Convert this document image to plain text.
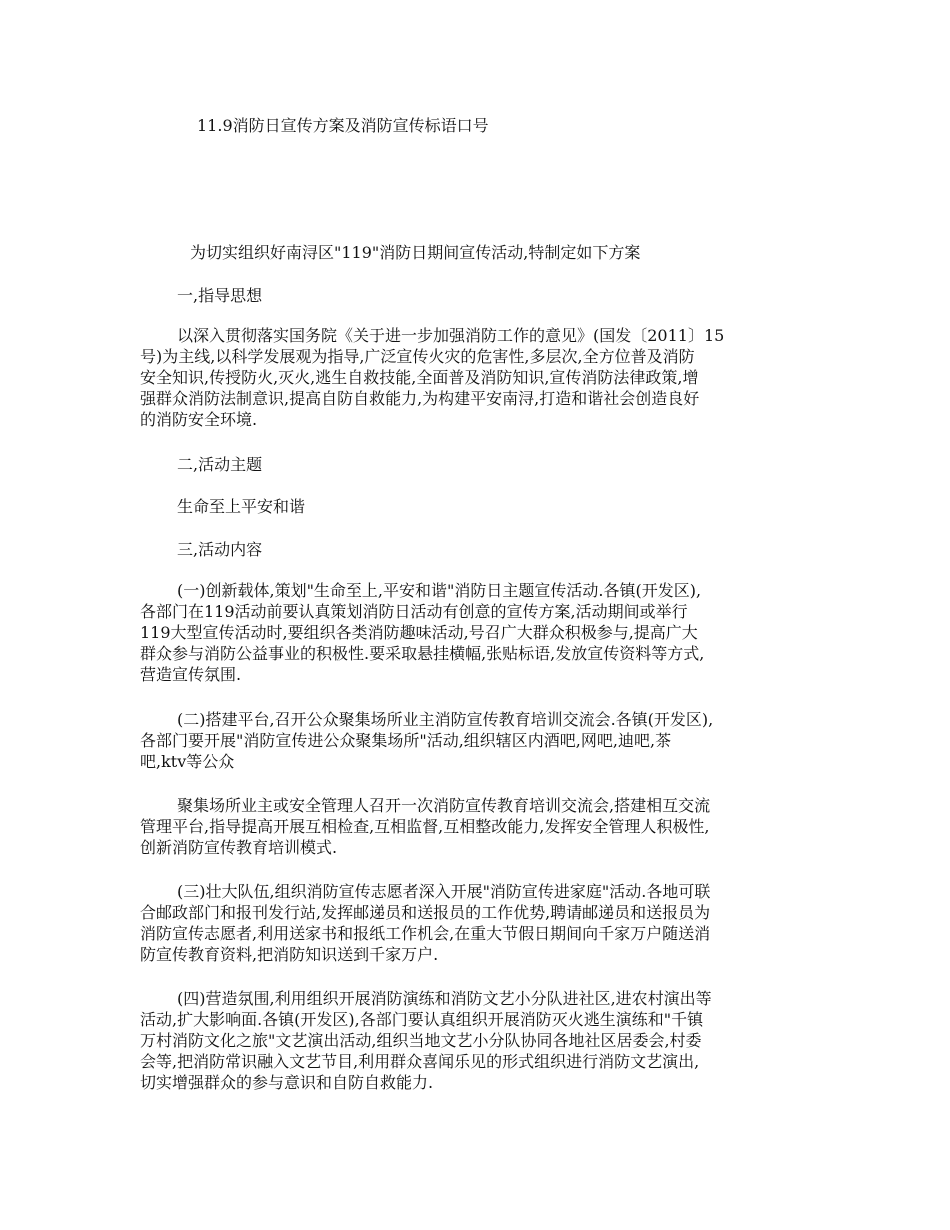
11.9消防日宣传方案及消防宣传标语口号
为切实组织好南浔区"119"消防日期间宣传活动,特制定如下方案
一,指导思想
以深入贯彻落实国务院《关于进一步加强消防工作的意见》(国发〔2011〕15
号)为主线,以科学发展观为指导,广泛宣传火灾的危害性,多层次,全方位普及消防
安全知识,传授防火,灭火,逃生自救技能,全面普及消防知识,宣传消防法律政策,增
强群众消防法制意识,提高自防自救能力,为构建平安南浔,打造和谐社会创造良好
的消防安全环境.
二,活动主题
生命至上平安和谐
三,活动内容
(一)创新载体,策划"生命至上,平安和谐"消防日主题宣传活动.各镇(开发区),
各部门在119活动前要认真策划消防日活动有创意的宣传方案,活动期间或举行
119大型宣传活动时,要组织各类消防趣味活动,号召广大群众积极参与,提高广大
群众参与消防公益事业的积极性.要采取悬挂横幅,张贴标语,发放宣传资料等方式,
营造宣传氛围.
(二)搭建平台,召开公众聚集场所业主消防宣传教育培训交流会.各镇(开发区),
各部门要开展"消防宣传进公众聚集场所"活动,组织辖区内酒吧,网吧,迪吧,茶
吧,ktv等公众
聚集场所业主或安全管理人召开一次消防宣传教育培训交流会,搭建相互交流
管理平台,指导提高开展互相检查,互相监督,互相整改能力,发挥安全管理人积极性,
创新消防宣传教育培训模式.
(三)壮大队伍,组织消防宣传志愿者深入开展"消防宣传进家庭"活动.各地可联
合邮政部门和报刊发行站,发挥邮递员和送报员的工作优势,聘请邮递员和送报员为
消防宣传志愿者,利用送家书和报纸工作机会,在重大节假日期间向千家万户随送消
防宣传教育资料,把消防知识送到千家万户.
(四)营造氛围,利用组织开展消防演练和消防文艺小分队进社区,进农村演出等
活动,扩大影响面.各镇(开发区),各部门要认真组织开展消防灭火逃生演练和"千镇
万村消防文化之旅"文艺演出活动,组织当地文艺小分队协同各地社区居委会,村委
会等,把消防常识融入文艺节目,利用群众喜闻乐见的形式组织进行消防文艺演出,
切实增强群众的参与意识和自防自救能力.
